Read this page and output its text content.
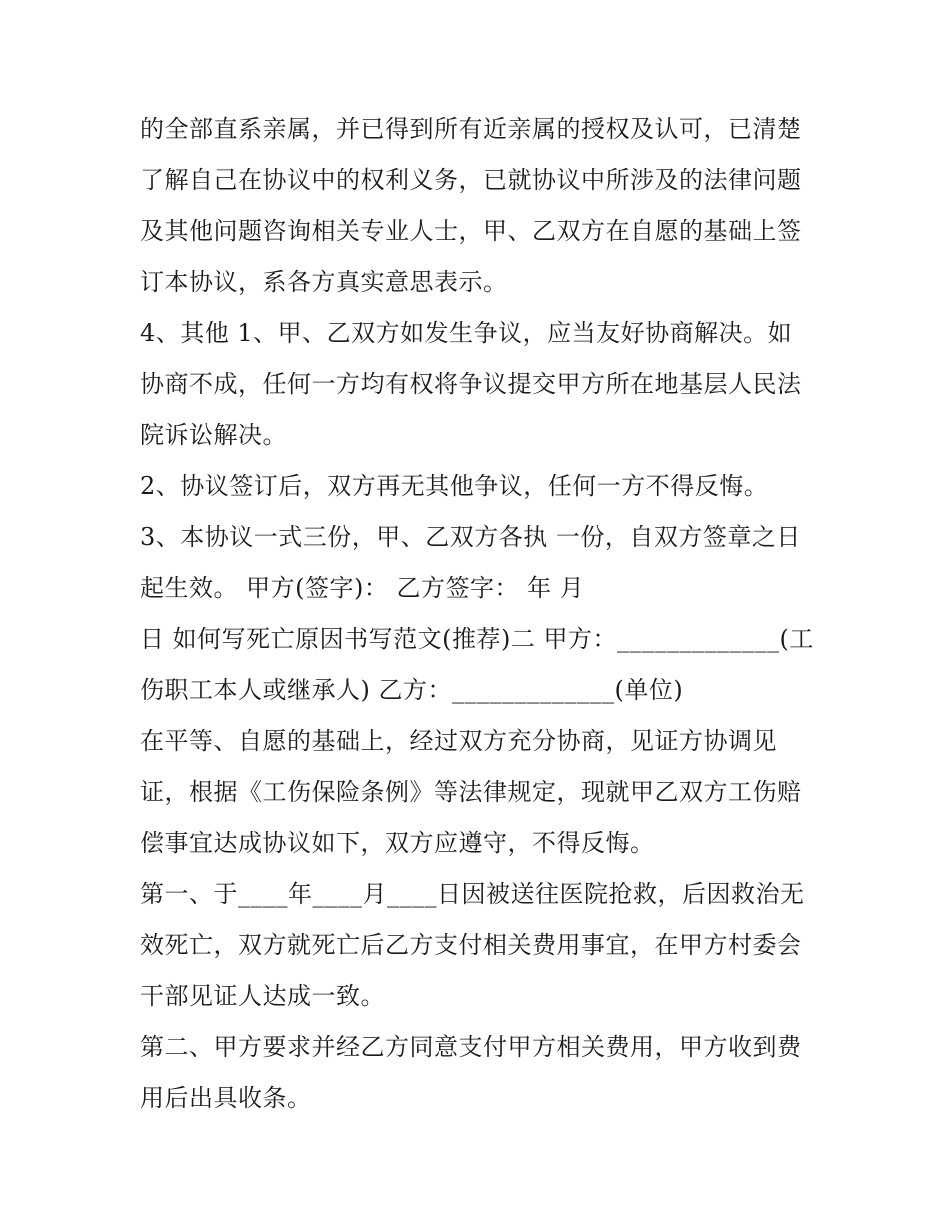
的全部直系亲属，并已得到所有近亲属的授权及认可，已清楚
了解自己在协议中的权利义务，已就协议中所涉及的法律问题
及其他问题咨询相关专业人士，甲、乙双方在自愿的基础上签
订本协议，系各方真实意思表示。
4、其他 1、甲、乙双方如发生争议，应当友好协商解决。如
协商不成，任何一方均有权将争议提交甲方所在地基层人民法
院诉讼解决。
2、协议签订后，双方再无其他争议，任何一方不得反悔。
3、本协议一式三份，甲、乙双方各执 一份，自双方签章之日
起生效。 甲方(签字)： 乙方签字： 年 月
日 如何写死亡原因书写范文(推荐)二 甲方：_____________(工
伤职工本人或继承人) 乙方：_____________(单位)
在平等、自愿的基础上，经过双方充分协商，见证方协调见
证，根据《工伤保险条例》等法律规定，现就甲乙双方工伤赔
偿事宜达成协议如下，双方应遵守，不得反悔。
第一、于____年____月____日因被送往医院抢救，后因救治无
效死亡，双方就死亡后乙方支付相关费用事宜，在甲方村委会
干部见证人达成一致。
第二、甲方要求并经乙方同意支付甲方相关费用，甲方收到费
用后出具收条。
